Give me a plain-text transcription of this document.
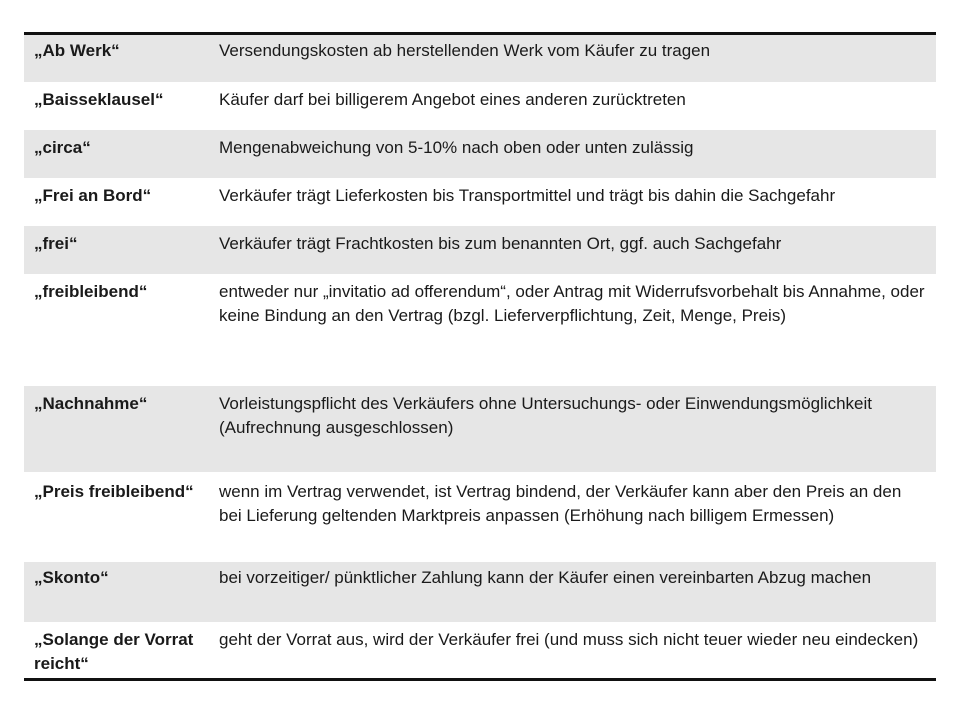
„Ab Werk“	Versendungskosten ab herstellenden Werk vom Käufer zu tragen
„Baisseklausel“	Käufer darf bei billigerem Angebot eines anderen zurücktreten
„circa“	Mengenabweichung von 5-10% nach oben oder unten zulässig
„Frei an Bord“	Verkäufer trägt Lieferkosten bis Transportmittel und trägt bis dahin die Sachgefahr
„frei“	Verkäufer trägt Frachtkosten bis zum benannten Ort, ggf. auch Sachgefahr
„freibleibend“	entweder nur „invitatio ad offerendum“, oder Antrag mit Widerrufsvorbehalt bis Annahme, oder keine Bindung an den Vertrag (bzgl. Lieferverpflichtung, Zeit, Menge, Preis)
„Nachnahme“	Vorleistungspflicht des Verkäufers ohne Untersuchungs- oder Einwendungsmöglichkeit (Aufrechnung ausgeschlossen)
„Preis freibleibend“	wenn im Vertrag verwendet, ist Vertrag bindend, der Verkäufer kann aber den Preis an den bei Lieferung geltenden Marktpreis anpassen (Erhöhung nach billigem Ermessen)
„Skonto“	bei vorzeitiger/ pünktlicher Zahlung kann der Käufer einen vereinbarten Abzug machen
„Solange der Vorrat reicht“	geht der Vorrat aus, wird der Verkäufer frei (und muss sich nicht teuer wieder neu eindecken)
